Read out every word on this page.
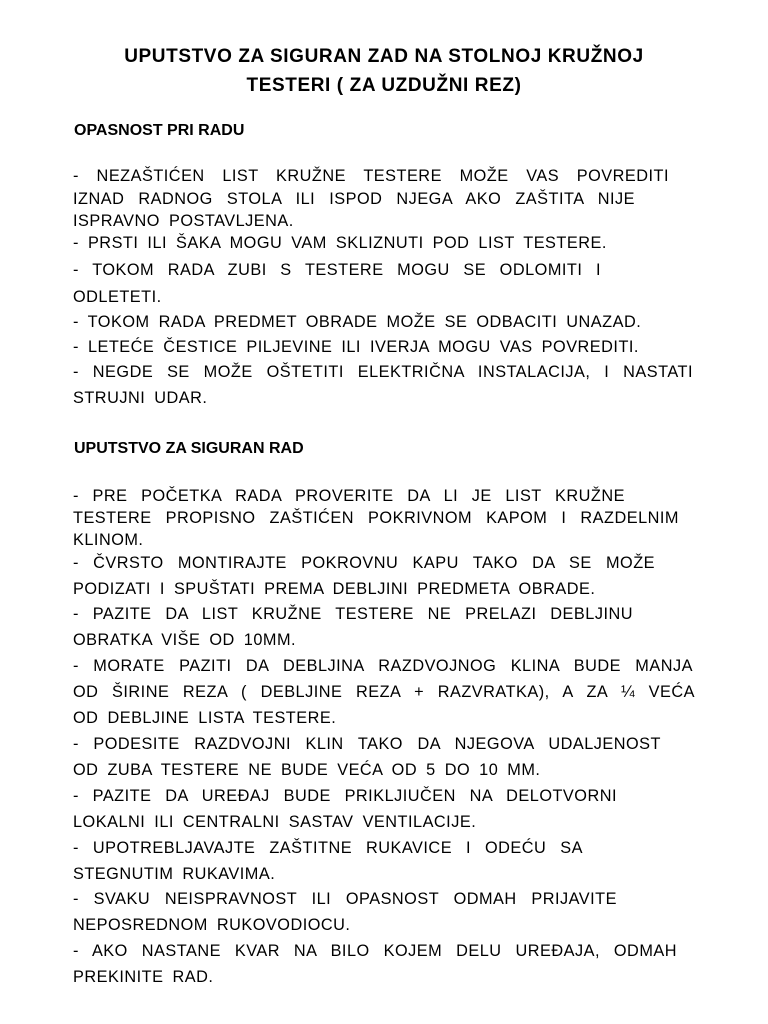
UPUTSTVO ZA SIGURAN ZAD NA STOLNOJ KRUŽNOJ
TESTERI ( ZA UZDUŽNI REZ)
OPASNOST PRI RADU
- NEZAŠTIĆEN LIST KRUŽNE TESTERE MOŽE VAS POVREDITI
IZNAD RADNOG STOLA ILI ISPOD NJEGA AKO ZAŠTITA NIJE
ISPRAVNO POSTAVLJENA.
- PRSTI ILI ŠAKA MOGU VAM SKLIZNUTI POD LIST TESTERE.
- TOKOM RADA ZUBI S TESTERE MOGU SE ODLOMITI I
ODLETETI.
- TOKOM RADA PREDMET OBRADE MOŽE SE ODBACITI UNAZAD.
- LETEĆE ČESTICE PILJEVINE ILI IVERJA MOGU VAS POVREDITI.
- NEGDE SE MOŽE OŠTETITI ELEKTRIČNA INSTALACIJA, I NASTATI
STRUJNI UDAR.
UPUTSTVO ZA SIGURAN RAD
- PRE POČETKA RADA PROVERITE DA LI JE LIST KRUŽNE
TESTERE PROPISNO ZAŠTIĆEN POKRIVNOM KAPOM I RAZDELNIM
KLINOM.
- ČVRSTO MONTIRAJTE POKROVNU KAPU TAKO DA SE MOŽE
PODIZATI I SPUŠTATI PREMA DEBLJINI PREDMETA OBRADE.
- PAZITE DA LIST KRUŽNE TESTERE NE PRELAZI DEBLJINU
OBRATKA VIŠE OD 10MM.
- MORATE PAZITI DA DEBLJINA RAZDVOJNOG KLINA BUDE MANJA
OD ŠIRINE REZA ( DEBLJINE REZA + RAZVRATKA), A ZA ¼ VEĆA
OD DEBLJINE LISTA TESTERE.
- PODESITE RAZDVOJNI KLIN TAKO DA NJEGOVA UDALJENOST
OD ZUBA TESTERE NE BUDE VEĆA OD 5 DO 10 MM.
- PAZITE DA UREĐAJ BUDE PRIKLJIUČEN NA DELOTVORNI
LOKALNI ILI CENTRALNI SASTAV VENTILACIJE.
- UPOTREBLJAVAJTE ZAŠTITNE RUKAVICE I ODEĆU SA
STEGNUTIM RUKAVIMA.
- SVAKU NEISPRAVNOST ILI OPASNOST ODMAH PRIJAVITE
NEPOSREDNOM RUKOVODIOCU.
- AKO NASTANE KVAR NA BILO KOJEM DELU UREĐAJA, ODMAH
PREKINITE RAD.
